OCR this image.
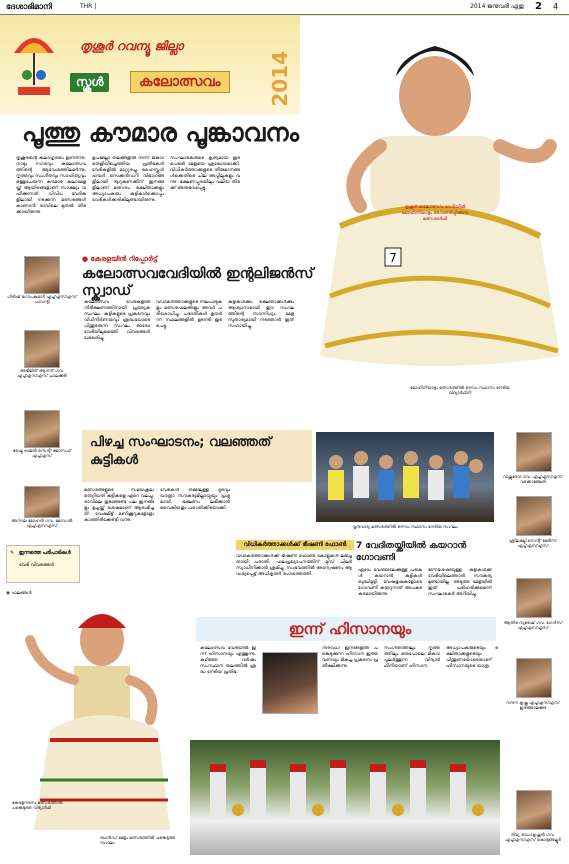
ദേശാഭിമാനി	THR |	2014 ജനുവരി ഏതു 2 4
തൃശൂർ റവന്യൂ ജില്ലാ
സ്കൂൾ	കലോത്സവം	2014
7
തൃശൂർ കലോത്സവ വേദിയിൽ മോഹിനിയാട്ടം അവതരിപ്പിക്കുന്ന മത്സരാർഥി
പൂത്തു കൗമാര പൂങ്കാവനം
തൃശൂരിന്റെ കലാഹൃദയം ഉണർന്നു. നാടും നഗരവും കലോത്സവത്തിന്റെ ആവേശത്തിലമർന്നു. നൃത്തവും സംഗീതവും സാഹിത്യവും ഒത്തുചേരുന്ന കൗമാര കലാമേളയ്ക്ക് ആയിരങ്ങളാണ് സാക്ഷ്യം വഹിക്കുന്നത്. വിവിധ വേദികളിലായി നടക്കുന്ന മത്സരങ്ങൾ കാണാൻ രാവിലെ മുതൽ തിരക്കായിരുന്നു.
ഉപജില്ലാ തലങ്ങളിൽ നിന്ന് മികവ് തെളിയിച്ചെത്തിയ പ്രതിഭകൾ വേദികളിൽ മാറ്റുരച്ചു. ഹൈസ്കൂൾ ഹയർ സെക്കൻഡറി വിഭാഗങ്ങളിലായി നൂറുകണക്കിന് ഇനങ്ങളിലാണ് മത്സരം. രക്ഷിതാക്കളും അധ്യാപകരും കുട്ടികൾക്കൊപ്പം വേദികൾക്കരികിലുണ്ടായിരുന്നു.
സംഘാടകരുടെ കൃത്യമായ ഇടപെടൽ മേളയെ ശ്രദ്ധേയമാക്കി. വിധികർത്താക്കളുടെ തീരുമാനങ്ങൾക്കെതിരെ ചില അപ്പീലുകളും വന്നു. ഭക്ഷണപ്പുരയിലും വലിയ തിരക്ക് അനുഭവപ്പെട്ടു.
● കേരളയിൻ റിപ്പോർട്ട്
കലോത്സവവേദിയിൽ ഇന്റലിജൻസ് സ്ക്വാഡ്
കലോത്സവ വേദികളിൽ നിരീക്ഷണത്തിനായി പ്രത്യേക സംഘം. കുട്ടികളുടെ പ്രകടനവും വിധിനിർണയവും ശ്രദ്ധയോടെ പിന്തുടരുന്ന സംഘം ഓരോ വേദിയിലുമെത്തി വിവരങ്ങൾ ശേഖരിച്ചു.
വിധികർത്താക്കളുടെ നിലപാടുകളും മത്സരഫലങ്ങളും അവർ പരിശോധിച്ചു. പരാതികൾ ഉയർന്ന സ്ഥലങ്ങളിൽ ഉടനടി ഇടപെട്ടു.
കുട്ടികൾക്കും രക്ഷിതാക്കൾക്കും ആശ്വാസമായി ഈ സംഘത്തിന്റെ സാന്നിധ്യം. മേള സുതാര്യമായി നടത്താൻ ഇത് സഹായിച്ചു.
മോഹിനിയാട്ടം മത്സരത്തിൽ ഒന്നാം സ്ഥാനം നേടിയ വിദ്യാർഥിനി
ഗിരീഷ് ഗോപകുമാർ എച്ച്എസ്എസ് പാവറട്ടി
അഭിജിത് ആനന്ദ് ഗവ. എച്ച്എസ്എസ് ചാലക്കുടി
രേഷ്മ രാജൻ സെന്റ് ജോസഫ് എച്ച്എസ്
അനഘ മോഹൻ ഗവ. മോഡൽ എച്ച്എസ്എസ്
✎ ഇന്നത്തെ പരിപാടികൾ
വേദി വിവരങ്ങൾ
◉ ഫലങ്ങൾ
പിഴച്ച സംഘാടനം; വലഞ്ഞത് കുട്ടികൾ
മത്സരങ്ങളുടെ സമയക്രമം തെറ്റിയത് കുട്ടികളെ ഏറെ വലച്ചു. രാവിലെ തുടങ്ങേണ്ട പല ഇനങ്ങളും ഉച്ചയ്ക്ക് ശേഷമാണ് ആരംഭിച്ചത്. വേഷമിട്ട് മണിക്കൂറുകളോളം കാത്തിരിക്കേണ്ടി വന്നു.
വേദികൾ തമ്മിലുള്ള ദൂരവും യാത്രാ സൗകര്യമില്ലായ്മയും പ്രശ്നമായി. ഭക്ഷണം ലഭിക്കാൻ വൈകിയതും പരാതിക്കിടയാക്കി.
വൃന്ദവാദ്യ മത്സരത്തിൽ ഒന്നാം സ്ഥാനം നേടിയ സംഘം
വിധികർത്താക്കൾക്ക് ഭീഷണി ഫോൺ
വിധികർത്താക്കൾക്ക് ഭീഷണി ഫോൺ കോളുകൾ ലഭിച്ചതായി പരാതി. ഫലപ്രഖ്യാപനത്തിന് മുമ്പ് ചിലർ സ്വാധീനിക്കാൻ ശ്രമിച്ചു. സംഭവത്തിൽ അന്വേഷണം ആവശ്യപ്പെട്ട് അധികൃതർ രംഗത്തെത്തി.
7 വേദിതയ്ക്കിയിൽ കയറാൻ ഗോവണി
ഏഴാം വേദിയിലേക്കുള്ള പടികൾ കയറാൻ കുട്ടികൾ ബുദ്ധിമുട്ടി. വേഷഭൂഷകളോടെ ഗോവണി കയറുന്നത് അപകടകരമായിരുന്നു.
ഭിന്നശേഷിയുള്ള കുട്ടികൾക്ക് വേദിയിലെത്താൻ സൗകര്യമുണ്ടായില്ല. അടുത്ത മേളയിൽ ഇത് പരിഹരിക്കുമെന്ന് സംഘാടകർ അറിയിച്ചു.
വിഷ്ണുദേവ് ഗവ. എച്ച്എസ്എസ് വടക്കാഞ്ചേരി
ശ്രീലക്ഷ്മി സെന്റ് മേരീസ് എച്ച്എസ്എസ്
ആതിര സുരേഷ് ഗവ. ഗേൾസ് എച്ച്എസ്എസ്
നന്ദന കൃഷ്ണ എച്ച്എസ്എസ് ഇരിങ്ങാലക്കുട
ദിവ്യ രാധാകൃഷ്ണൻ ഗവ. എച്ച്എസ്എസ് കൊടുങ്ങല്ലൂർ
കേരളനടനം മത്സരത്തിൽ പങ്കെടുത്ത വിദ്യാർഥി
ഇന്ന് ഹിസാനയും
കലോത്സവ വേദിയിൽ ഇന്ന് ഹിസാനയും എത്തുന്നു. കഴിഞ്ഞ വർഷം സംസ്ഥാന തലത്തിൽ ശ്രദ്ധ നേടിയ പ്രതിഭ.
നിരവധി ഇനങ്ങളിൽ പങ്കെടുക്കുന്ന ഹിസാന ഇത്തവണയും മികച്ച പ്രകടനം പ്രതീക്ഷിക്കുന്നു.
സംഗീതത്തിലും നൃത്തത്തിലും ഒരുപോലെ മികവ് പുലർത്തുന്ന വിദ്യാർഥിനിയാണ് ഹിസാന.
അധ്യാപകരുടെയും രക്ഷിതാക്കളുടെയും പിന്തുണയോടെയാണ് ഹിസാനയുടെ യാത്ര.
ബാൻഡ് മേളം മത്സരത്തിൽ പങ്കെടുത്ത സംഘം
